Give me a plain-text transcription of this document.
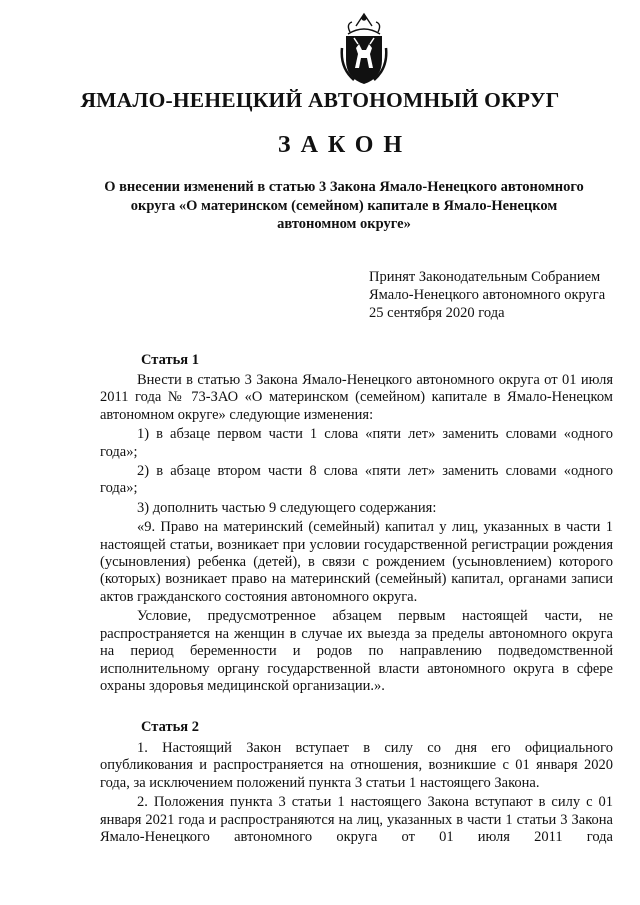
ЯМАЛО-НЕНЕЦКИЙ АВТОНОМНЫЙ ОКРУГ
ЗАКОН
О внесении изменений в статью 3 Закона Ямало-Ненецкого автономного округа «О материнском (семейном) капитале в Ямало-Ненецком автономном округе»
Принят Законодательным Собранием
Ямало-Ненецкого автономного округа
25 сентября 2020 года
Статья 1

Внести в статью 3 Закона Ямало-Ненецкого автономного округа от 01 июля 2011 года № 73-ЗАО «О материнском (семейном) капитале в Ямало-Ненецком автономном округе» следующие изменения:

1) в абзаце первом части 1 слова «пяти лет» заменить словами «одного года»;

2) в абзаце втором части 8 слова «пяти лет» заменить словами «одного года»;

3) дополнить частью 9 следующего содержания:

«9. Право на материнский (семейный) капитал у лиц, указанных в части 1 настоящей статьи, возникает при условии государственной регистрации рождения (усыновления) ребенка (детей), в связи с рождением (усыновлением) которого (которых) возникает право на материнский (семейный) капитал, органами записи актов гражданского состояния автономного округа.

Условие, предусмотренное абзацем первым настоящей части, не распространяется на женщин в случае их выезда за пределы автономного округа на период беременности и родов по направлению подведомственной исполнительному органу государственной власти автономного округа в сфере охраны здоровья медицинской организации.».

Статья 2

1. Настоящий Закон вступает в силу со дня его официального опубликования и распространяется на отношения, возникшие с 01 января 2020 года, за исключением положений пункта 3 статьи 1 настоящего Закона.

2. Положения пункта 3 статьи 1 настоящего Закона вступают в силу с 01 января 2021 года и распространяются на лиц, указанных в части 1 статьи 3 Закона Ямало-Ненецкого автономного округа от 01 июля 2011 года
